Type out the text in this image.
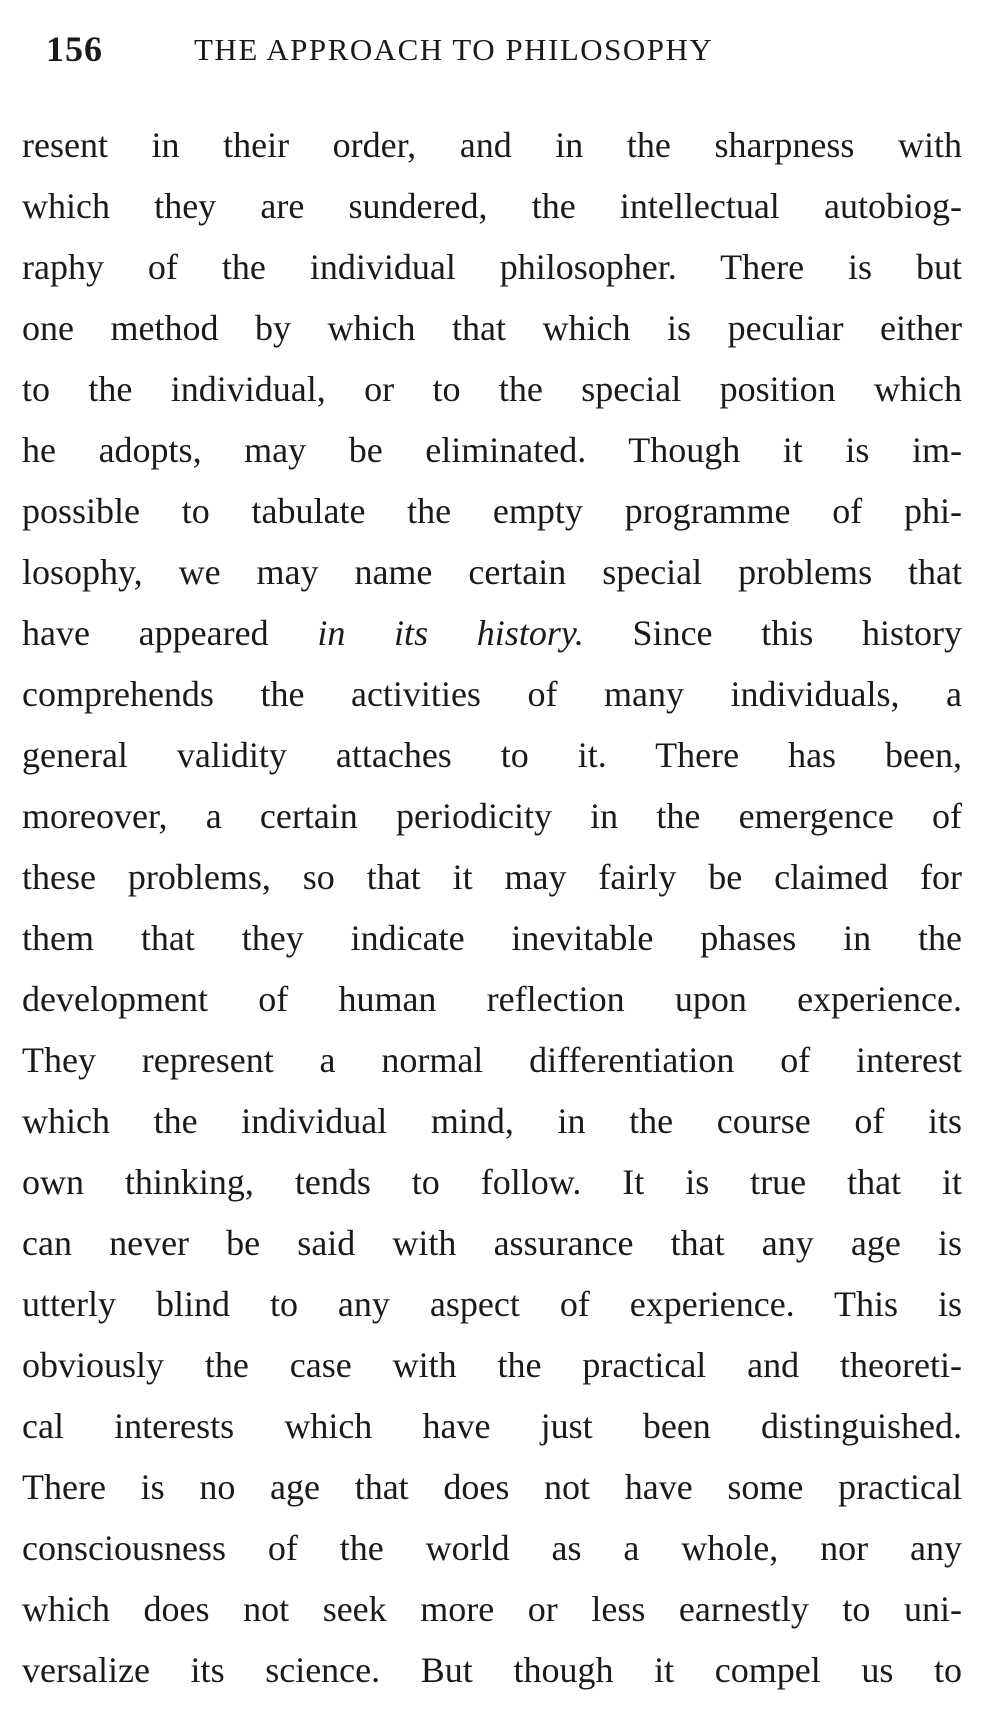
156	THE APPROACH TO PHILOSOPHY
resent in their order, and in the sharpness with
which they are sundered, the intellectual autobiog-
raphy of the individual philosopher. There is but
one method by which that which is peculiar either
to the individual, or to the special position which
he adopts, may be eliminated. Though it is im-
possible to tabulate the empty programme of phi-
losophy, we may name certain special problems that
have appeared in its history. Since this history
comprehends the activities of many individuals, a
general validity attaches to it. There has been,
moreover, a certain periodicity in the emergence of
these problems, so that it may fairly be claimed for
them that they indicate inevitable phases in the
development of human reflection upon experience.
They represent a normal differentiation of interest
which the individual mind, in the course of its
own thinking, tends to follow. It is true that it
can never be said with assurance that any age is
utterly blind to any aspect of experience. This is
obviously the case with the practical and theoreti-
cal interests which have just been distinguished.
There is no age that does not have some practical
consciousness of the world as a whole, nor any
which does not seek more or less earnestly to uni-
versalize its science. But though it compel us to
